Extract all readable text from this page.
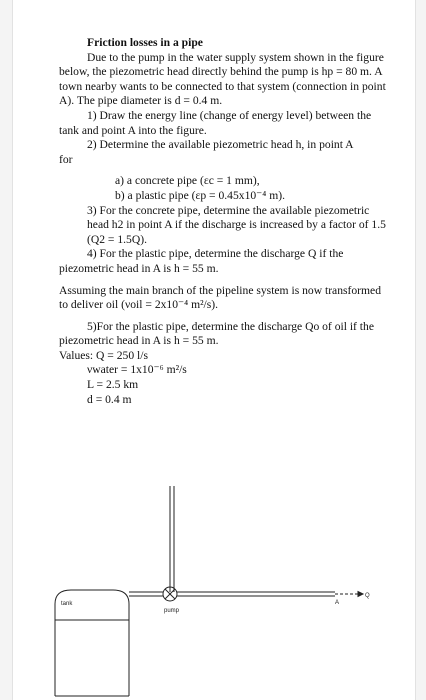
Friction losses in a pipe

Due to the pump in the water supply system shown in the figure below, the piezometric head directly behind the pump is hp = 80 m. A town nearby wants to be connected to that system (connection in point A). The pipe diameter is d = 0.4 m.

1) Draw the energy line (change of energy level) between the tank and point A into the figure.

2) Determine the available piezometric head h, in point A

for

a) a concrete pipe (εc = 1 mm),

b) a plastic pipe (εp = 0.45x10⁻⁴ m).

3) For the concrete pipe, determine the available piezometric head h2 in point A if the discharge is increased by a factor of 1.5 (Q2 = 1.5Q).

4) For the plastic pipe, determine the discharge Q if the piezometric head in A is h = 55 m.

Assuming the main branch of the pipeline system is now transformed to deliver oil (νoil = 2x10⁻⁴ m²/s).

5)For the plastic pipe, determine the discharge Qo of oil if the piezometric head in A is h = 55 m.

Values: Q = 250 l/s

νwater = 1x10⁻⁶ m²/s

L = 2.5 km

d = 0.4 m

tank
pump
A
Q
